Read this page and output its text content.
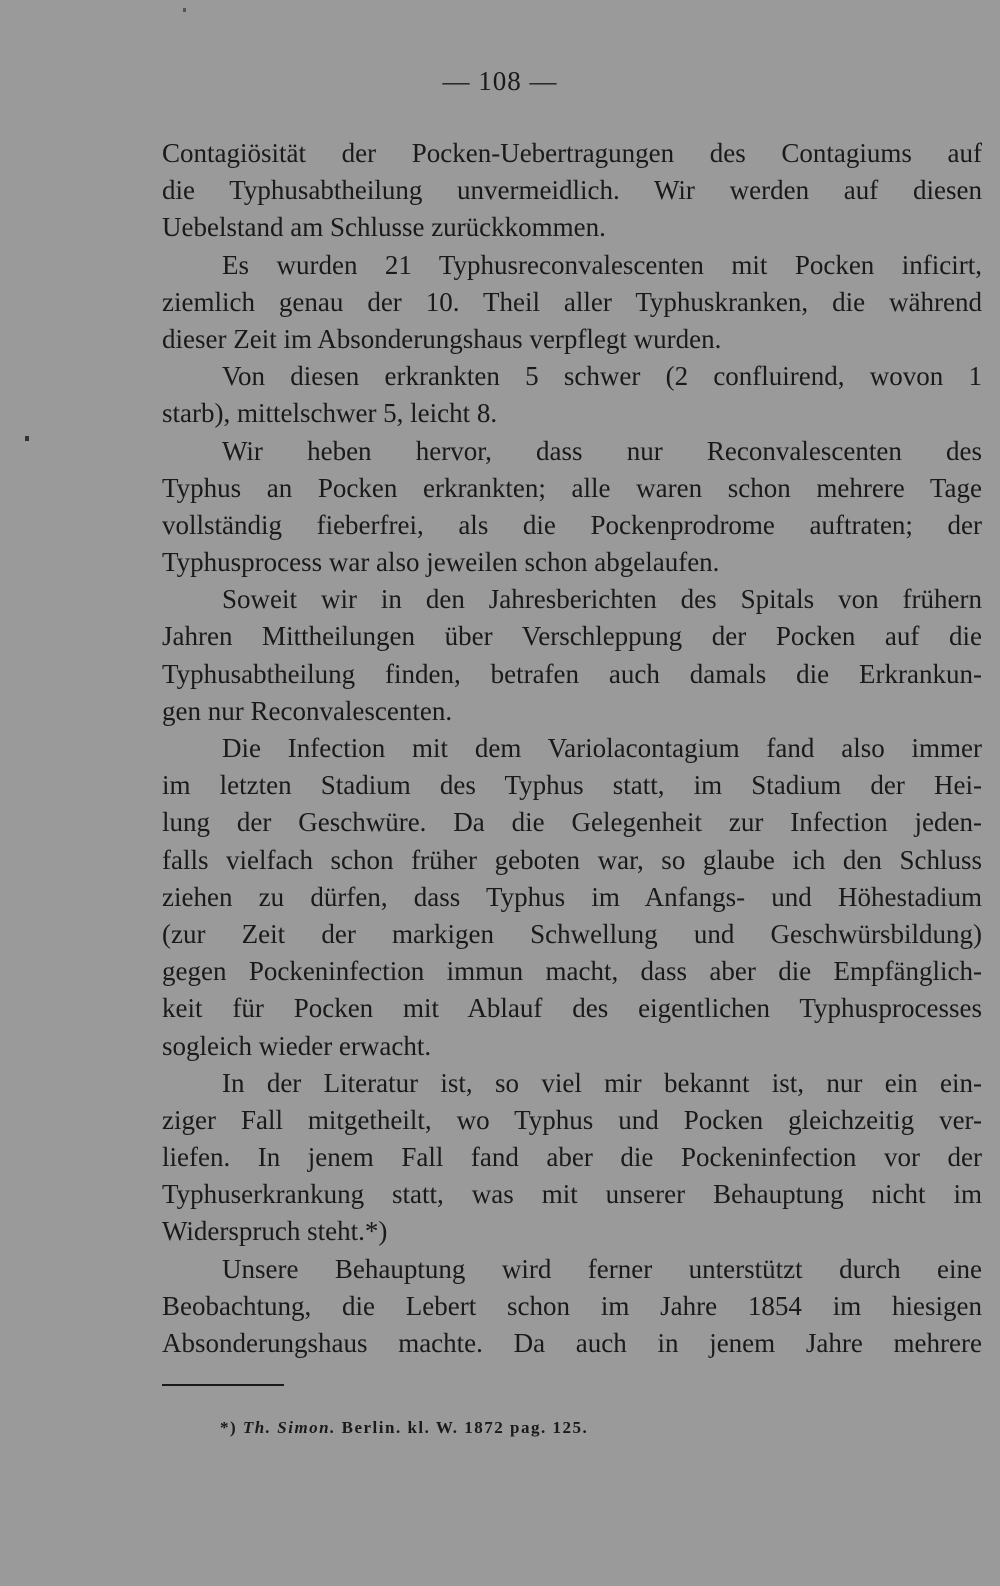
— 108 —
Contagiösität der Pocken-Uebertragungen des Contagiums auf
die Typhusabtheilung unvermeidlich. Wir werden auf diesen
Uebelstand am Schlusse zurückkommen.
Es wurden 21 Typhusreconvalescenten mit Pocken inficirt,
ziemlich genau der 10. Theil aller Typhuskranken, die während
dieser Zeit im Absonderungshaus verpflegt wurden.
Von diesen erkrankten 5 schwer (2 confluirend, wovon 1
starb), mittelschwer 5, leicht 8.
Wir heben hervor, dass nur Reconvalescenten des
Typhus an Pocken erkrankten; alle waren schon mehrere Tage
vollständig fieberfrei, als die Pockenprodrome auftraten; der
Typhusprocess war also jeweilen schon abgelaufen.
Soweit wir in den Jahresberichten des Spitals von frühern
Jahren Mittheilungen über Verschleppung der Pocken auf die
Typhusabtheilung finden, betrafen auch damals die Erkrankun-
gen nur Reconvalescenten.
Die Infection mit dem Variolacontagium fand also immer
im letzten Stadium des Typhus statt, im Stadium der Hei-
lung der Geschwüre. Da die Gelegenheit zur Infection jeden-
falls vielfach schon früher geboten war, so glaube ich den Schluss
ziehen zu dürfen, dass Typhus im Anfangs- und Höhestadium
(zur Zeit der markigen Schwellung und Geschwürsbildung)
gegen Pockeninfection immun macht, dass aber die Empfänglich-
keit für Pocken mit Ablauf des eigentlichen Typhusprocesses
sogleich wieder erwacht.
In der Literatur ist, so viel mir bekannt ist, nur ein ein-
ziger Fall mitgetheilt, wo Typhus und Pocken gleichzeitig ver-
liefen. In jenem Fall fand aber die Pockeninfection vor der
Typhuserkrankung statt, was mit unserer Behauptung nicht im
Widerspruch steht.*)
Unsere Behauptung wird ferner unterstützt durch eine
Beobachtung, die Lebert schon im Jahre 1854 im hiesigen
Absonderungshaus machte. Da auch in jenem Jahre mehrere
*) Th. Simon. Berlin. kl. W. 1872 pag. 125.
